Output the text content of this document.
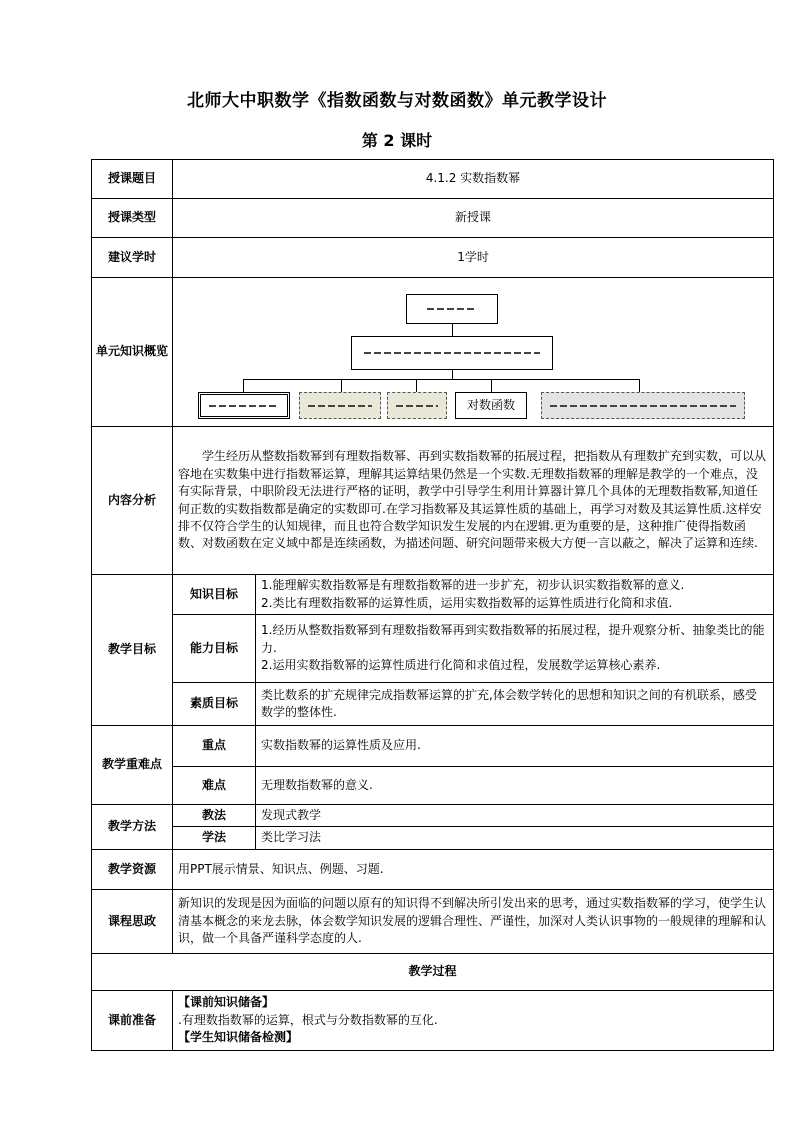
北师大中职数学《指数函数与对数函数》单元教学设计
第 2 课时
授课题目	4.1.2 实数指数幂	
授课类型	新授课	
建议学时	1学时	
单元知识概览	对数函数	

内容分析	学生经历从整数指数幂到有理数指数幂、再到实数指数幂的拓展过程，把指数从有理数扩充到实数，可以从容地在实数集中进行指数幂运算，理解其运算结果仍然是一个实数.无理数指数幂的理解是教学的一个难点，没有实际背景，中职阶段无法进行严格的证明，教学中引导学生利用计算器计算几个具体的无理数指数幂,知道任何正数的实数指数都是确定的实数即可.在学习指数幂及其运算性质的基础上，再学习对数及其运算性质.这样安排不仅符合学生的认知规律，而且也符合数学知识发生发展的内在逻辑.更为重要的是，这种推广使得指数函数、对数函数在定义域中都是连续函数，为描述问题、研究问题带来极大方便一言以蔽之，解决了运算和连续.	
教学目标	知识目标	1.能理解实数指数幂是有理数指数幂的进一步扩充，初步认识实数指数幂的意义.
2.类比有理数指数幂的运算性质，运用实数指数幂的运算性质进行化简和求值.

	能力目标	1.经历从整数指数幂到有理数指数幂再到实数指数幂的拓展过程，提升观察分析、抽象类比的能力.
2.运用实数指数幂的运算性质进行化简和求值过程，发展数学运算核心素养.

	素质目标	类比数系的扩充规律完成指数幂运算的扩充,体会数学转化的思想和知识之间的有机联系，感受数学的整体性.
教学重难点	重点	实数指数幂的运算性质及应用.
	难点	无理数指数幂的意义.
教学方法	教法	发现式教学
	学法	类比学习法
教学资源	用PPT展示情景、知识点、例题、习题.	
课程思政	新知识的发现是因为面临的问题以原有的知识得不到解决所引发出来的思考，通过实数指数幂的学习，使学生认清基本概念的来龙去脉，体会数学知识发展的逻辑合理性、严谨性，加深对人类认识事物的一般规律的理解和认识，做一个具备严谨科学态度的人.	
教学过程		
课前准备	【课前知识储备】
.有理数指数幂的运算，根式与分数指数幂的互化.
【学生知识储备检测】	
